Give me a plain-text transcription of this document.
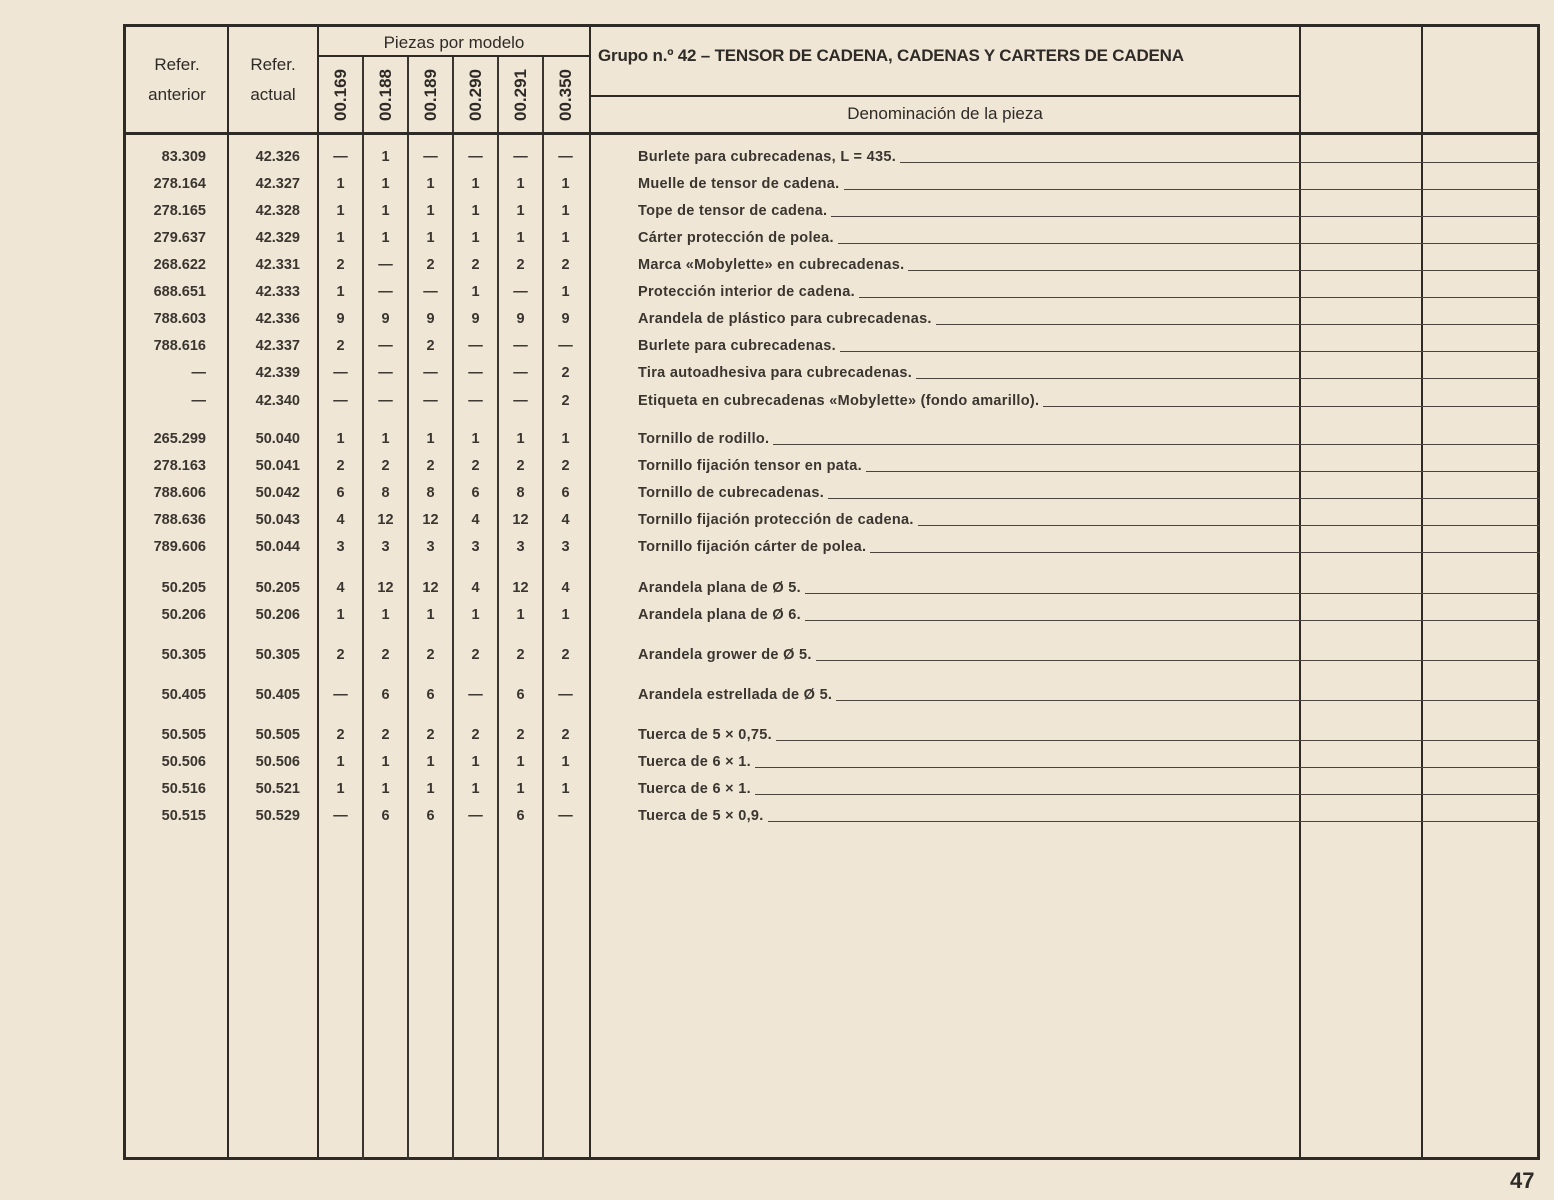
Refer.
anterior
Refer.
actual
Piezas por modelo
00.169 00.188 00.189 00.290 00.291 00.350
Grupo n.º 42 – TENSOR DE CADENA, CADENAS Y CARTERS DE CADENA
Denominación de la pieza
83.309	42.326	—	1	—	—	—	—	Burlete para cubrecadenas, L = 435.
278.164	42.327	1	1	1	1	1	1	Muelle de tensor de cadena.
278.165	42.328	1	1	1	1	1	1	Tope de tensor de cadena.
279.637	42.329	1	1	1	1	1	1	Cárter protección de polea.
268.622	42.331	2	—	2	2	2	2	Marca «Mobylette» en cubrecadenas.
688.651	42.333	1	—	—	1	—	1	Protección interior de cadena.
788.603	42.336	9	9	9	9	9	9	Arandela de plástico para cubrecadenas.
788.616	42.337	2	—	2	—	—	—	Burlete para cubrecadenas.
—	42.339	—	—	—	—	—	2	Tira autoadhesiva para cubrecadenas.
—	42.340	—	—	—	—	—	2	Etiqueta en cubrecadenas «Mobylette» (fondo amarillo).
265.299	50.040	1	1	1	1	1	1	Tornillo de rodillo.
278.163	50.041	2	2	2	2	2	2	Tornillo fijación tensor en pata.
788.606	50.042	6	8	8	6	8	6	Tornillo de cubrecadenas.
788.636	50.043	4	12	12	4	12	4	Tornillo fijación protección de cadena.
789.606	50.044	3	3	3	3	3	3	Tornillo fijación cárter de polea.
50.205	50.205	4	12	12	4	12	4	Arandela plana de Ø 5.
50.206	50.206	1	1	1	1	1	1	Arandela plana de Ø 6.
50.305	50.305	2	2	2	2	2	2	Arandela grower de Ø 5.
50.405	50.405	—	6	6	—	6	—	Arandela estrellada de Ø 5.
50.505	50.505	2	2	2	2	2	2	Tuerca de 5 × 0,75.
50.506	50.506	1	1	1	1	1	1	Tuerca de 6 × 1.
50.516	50.521	1	1	1	1	1	1	Tuerca de 6 × 1.
50.515	50.529	—	6	6	—	6	—	Tuerca de 5 × 0,9.
47
